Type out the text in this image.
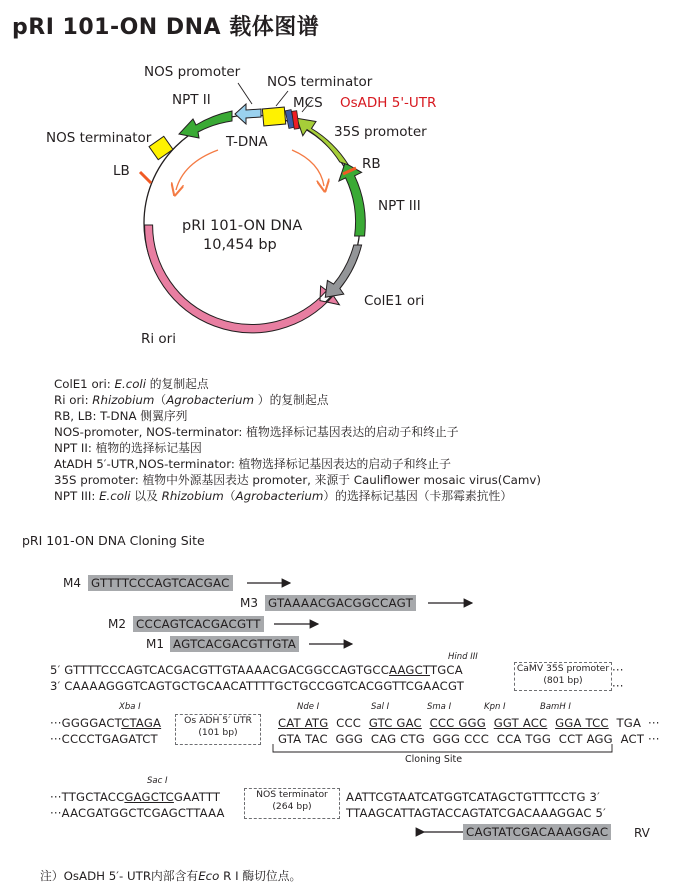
pRI 101-ON DNA 载体图谱
NOS promoter
NOS terminator
NPT II	MCS OsADH 5'-UTR
35S promoter
NOS terminator	T-DNA
LB	RB
NPT III
ColE1 ori
Ri ori
pRI 101-ON DNA
10,454 bp
ColE1 ori: E.coli 的复制起点
Ri ori: Rhizobium（Agrobacterium ）的复制起点
RB, LB: T-DNA 侧翼序列
NOS-promoter, NOS-terminator: 植物选择标记基因表达的启动子和终止子
NPT II: 植物的选择标记基因
AtADH 5′-UTR,NOS-terminator: 植物选择标记基因表达的启动子和终止子
35S promoter: 植物中外源基因表达 promoter, 来源于 Cauliflower mosaic virus(Camv)
NPT III: E.coli 以及 Rhizobium（Agrobacterium）的选择标记基因（卡那霉素抗性）
pRI 101-ON DNA Cloning Site
M4 GTTTTCCCAGTCACGAC
M3 GTAAAACGACGGCCAGT
M2 CCCAGTCACGACGTT
M1 AGTCACGACGTTGTA
Hind III
5′ GTTTTCCCAGTCACGACGTTGTAAAACGACGGCCAGTGCCAAGCTTGCA
3′ CAAAAGGGTCAGTGCTGCAACATTTTGCTGCCGGTCACGGTTCGAACGT
CaMV 35S promoter
(801 bp)
···
···
Xba I
···GGGGACTCTAGA
···CCCCTGAGATCT
Os ADH 5′ UTR
(101 bp)
Nde I	Sal I	Sma I	Kpn I	BamH I
CAT ATG CCC GTC GAC CCC GGG GGT ACC GGA TCC TGA
GTA TAC  GGG  CAG CTG  GGG CCC  CCA TGG  CCT AGG  ACT
···
···
Cloning Site
Sac I
···TTGCTACCGAGCTCGAATTT
···AACGATGGCTCGAGCTTAAA
NOS terminator
(264 bp)
AATTCGTAATCATGGTCATAGCTGTTTCCTG 3′
TTAAGCATTAGTACCAGTATCGACAAAGGAC 5′
CAGTATCGACAAAGGAC RV
注）OsADH 5′- UTR内部含有Eco R I 酶切位点。
